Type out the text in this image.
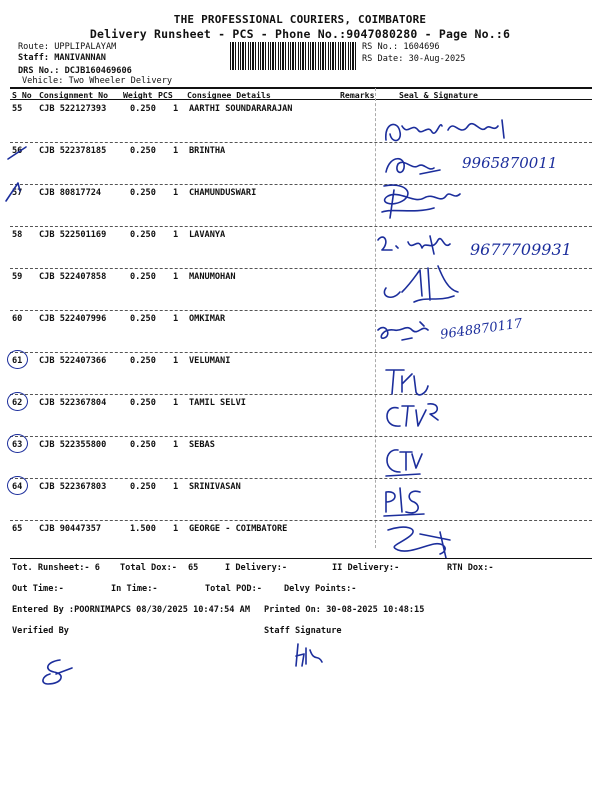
THE PROFESSIONAL COURIERS, COIMBATORE
Delivery Runsheet - PCS - Phone No.:9047080280 - Page No.:6
Route: UPPLIPALAYAM
Staff: MANIVANNAN
DRS No.: DCJB160469606
Vehicle: Two Wheeler Delivery
RS No.: 1604696
RS Date: 30-Aug-2025
S No Consignment No Weight PCS Consignee Details	Remarks	Seal & Signature
55 CJB 522127393	0.250 1 AARTHI SOUNDARARAJAN
56 CJB 522378185	0.250 1 BRINTHA
57 CJB 80817724	0.250 1 CHAMUNDUSWARI
58 CJB 522501169	0.250 1 LAVANYA
59 CJB 522407858	0.250 1 MANUMOHAN
60 CJB 522407996	0.250 1 OMKIMAR
61 CJB 522407366	0.250 1 VELUMANI
62 CJB 522367804	0.250 1 TAMIL SELVI
63 CJB 522355800	0.250 1 SEBAS
64 CJB 522367803	0.250 1 SRINIVASAN
65 CJB 90447357	1.500 1 GEORGE - COIMBATORE
9965870011
9677709931
9648870117
Tot. Runsheet:- 6 Total Dox:- 65	I Delivery:-	II Delivery:-	RTN Dox:-
Out Time:-	In Time:-	Total POD:-	Delvy Points:-
Entered By :POORNIMAPCS 08/30/2025 10:47:54 AM Printed On: 30-08-2025 10:48:15
Verified By	Staff Signature
